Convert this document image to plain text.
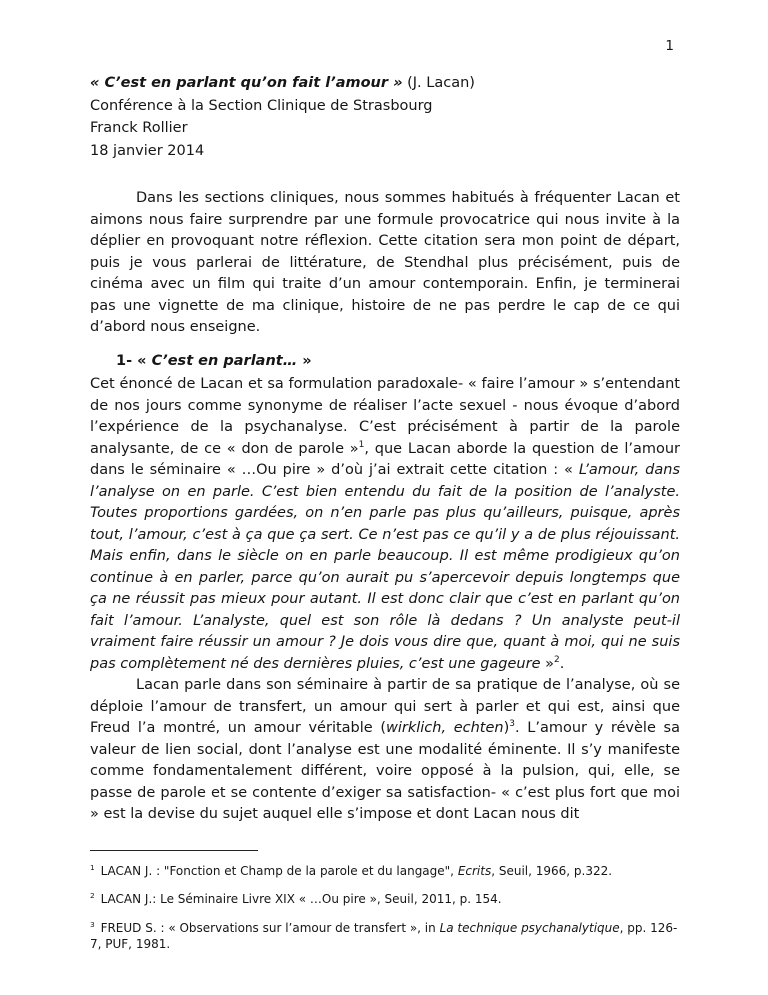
1

« C’est en parlant qu’on fait l’amour » (J. Lacan)

Conférence à la Section Clinique de Strasbourg

Franck Rollier

18 janvier 2014

Dans les sections cliniques, nous sommes habitués à fréquenter Lacan et aimons nous faire surprendre par une formule provocatrice qui nous invite à la déplier en provoquant notre réflexion. Cette citation sera mon point de départ, puis je vous parlerai de littérature, de Stendhal plus précisément, puis de cinéma avec un film qui traite d’un amour contemporain. Enfin, je terminerai pas une vignette de ma clinique, histoire de ne pas perdre le cap de ce qui d’abord nous enseigne.

1- « C’est en parlant… »

Cet énoncé de Lacan et sa formulation paradoxale- « faire l’amour » s’entendant de nos jours comme synonyme de réaliser l’acte sexuel - nous évoque d’abord l’expérience de la psychanalyse. C’est précisément à partir de la parole analysante, de ce « don de parole »$^1$, que Lacan aborde la question de l’amour dans le séminaire « …Ou pire » d’où j’ai extrait cette citation : « L’amour, dans l’analyse on en parle. C’est bien entendu du fait de la position de l’analyste. Toutes proportions gardées, on n’en parle pas plus qu’ailleurs, puisque, après tout, l’amour, c’est à ça que ça sert. Ce n’est pas ce qu’il y a de plus réjouissant. Mais enfin, dans le siècle on en parle beaucoup. Il est même prodigieux qu’on continue à en parler, parce qu’on aurait pu s’apercevoir depuis longtemps que ça ne réussit pas mieux pour autant. Il est donc clair que c’est en parlant qu’on fait l’amour. L’analyste, quel est son rôle là dedans ? Un analyste peut-il vraiment faire réussir un amour ? Je dois vous dire que, quant à moi, qui ne suis pas complètement né des dernières pluies, c’est une gageure »$^2$.

Lacan parle dans son séminaire à partir de sa pratique de l’analyse, où se déploie l’amour de transfert, un amour qui sert à parler et qui est, ainsi que Freud l’a montré, un amour véritable (wirklich, echten)$^3$. L’amour y révèle sa valeur de lien social, dont l’analyse est une modalité éminente. Il s’y manifeste comme fondamentalement différent, voire opposé à la pulsion, qui, elle, se passe de parole et se contente d’exiger sa satisfaction- « c’est plus fort que moi » est la devise du sujet auquel elle s’impose et dont Lacan nous dit

$^1$ LACAN J. : "Fonction et Champ de la parole et du langage", Ecrits, Seuil, 1966, p.322.
$^2$ LACAN J.: Le Séminaire Livre XIX « …Ou pire », Seuil, 2011, p. 154.
$^3$ FREUD S. : « Observations sur l’amour de transfert », in La technique psychanalytique, pp. 126-7, PUF, 1981.
